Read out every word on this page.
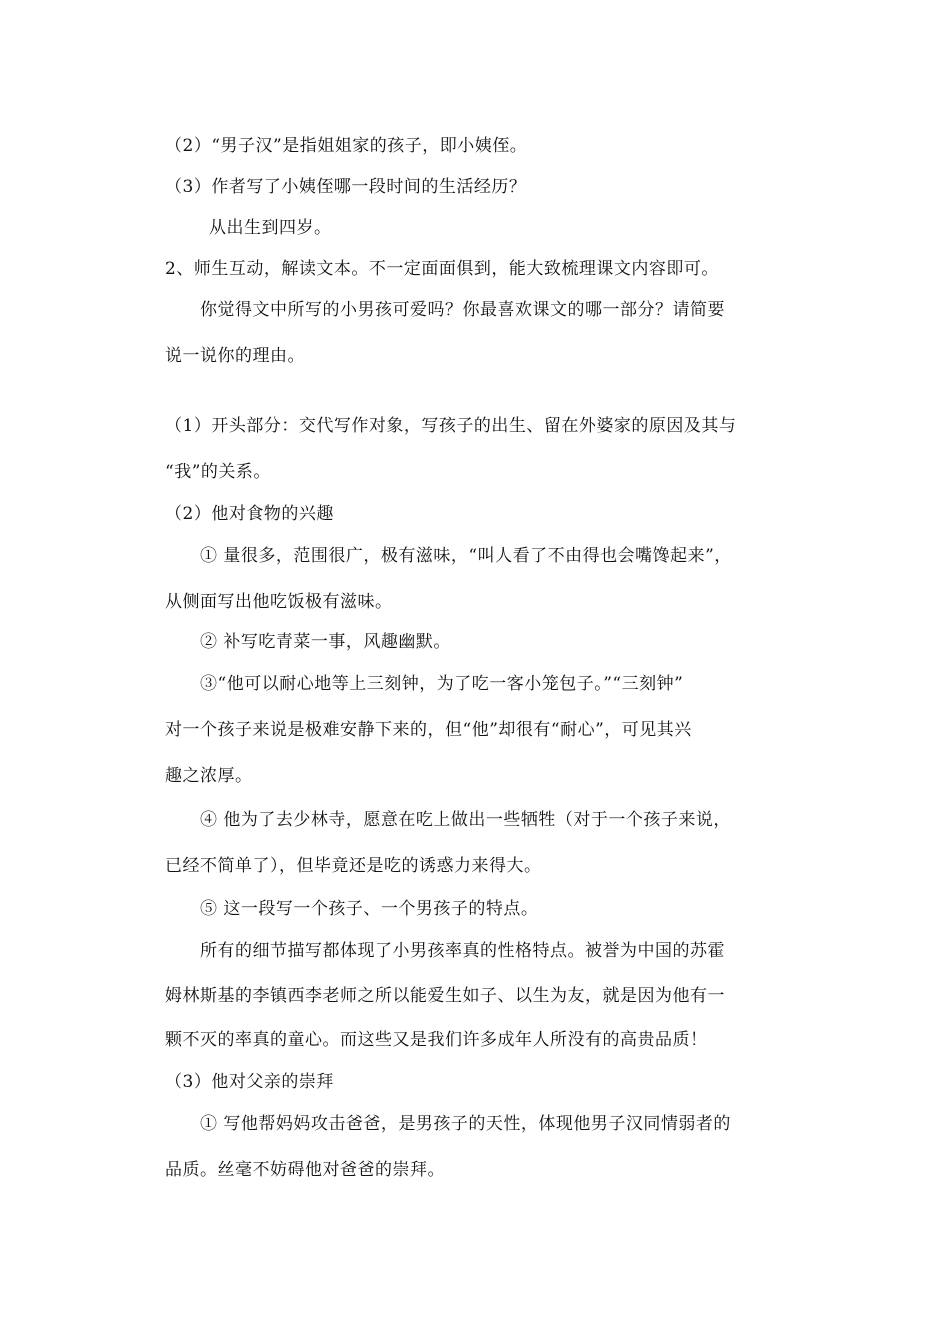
（2）“男子汉”是指姐姐家的孩子，即小姨侄。
（3）作者写了小姨侄哪一段时间的生活经历？
从出生到四岁。
2、师生互动，解读文本。不一定面面俱到，能大致梳理课文内容即可。
你觉得文中所写的小男孩可爱吗？你最喜欢课文的哪一部分？请简要
说一说你的理由。
（1）开头部分：交代写作对象，写孩子的出生、留在外婆家的原因及其与
“我”的关系。
（2）他对食物的兴趣
① 量很多，范围很广，极有滋味，“叫人看了不由得也会嘴馋起来”，
从侧面写出他吃饭极有滋味。
② 补写吃青菜一事，风趣幽默。
③“他可以耐心地等上三刻钟，为了吃一客小笼包子。”“三刻钟”
对一个孩子来说是极难安静下来的，但“他”却很有“耐心”，可见其兴
趣之浓厚。
④ 他为了去少林寺，愿意在吃上做出一些牺牲（对于一个孩子来说，
已经不简单了），但毕竟还是吃的诱惑力来得大。
⑤ 这一段写一个孩子、一个男孩子的特点。
所有的细节描写都体现了小男孩率真的性格特点。被誉为中国的苏霍
姆林斯基的李镇西李老师之所以能爱生如子、以生为友，就是因为他有一
颗不灭的率真的童心。而这些又是我们许多成年人所没有的高贵品质！
（3）他对父亲的崇拜
① 写他帮妈妈攻击爸爸，是男孩子的天性，体现他男子汉同情弱者的
品质。丝毫不妨碍他对爸爸的崇拜。
